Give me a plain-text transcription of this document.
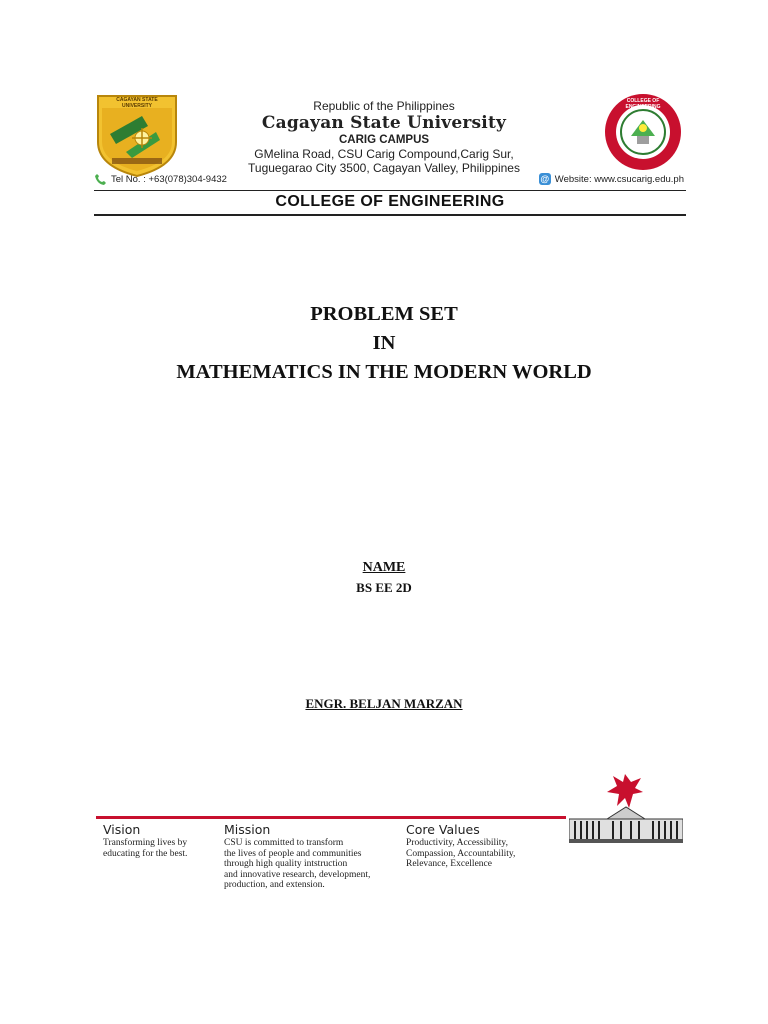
CAGAYAN STATE UNIVERSITY	Republic of the Philippines
Cagayan State University
CARIG CAMPUS
GMelina Road, CSU Carig Compound,Carig Sur,
Tuguegarao City 3500, Cagayan Valley, Philippines
COLLEGE OF ENGINEERING
Tel No. : +63(078)304-9432	@ Website: www.csucarig.edu.ph
COLLEGE OF ENGINEERING
PROBLEM SET
IN
MATHEMATICS IN THE MODERN WORLD
NAME
BS EE 2D
ENGR. BELJAN MARZAN
Vision
Transforming lives by
educating for the best.
Mission
CSU is committed to transform
the lives of people and communities
through high quality intstruction
and innovative research, development,
production, and extension.
Core Values
Productivity, Accessibility,
Compassion, Accountability,
Relevance, Excellence
